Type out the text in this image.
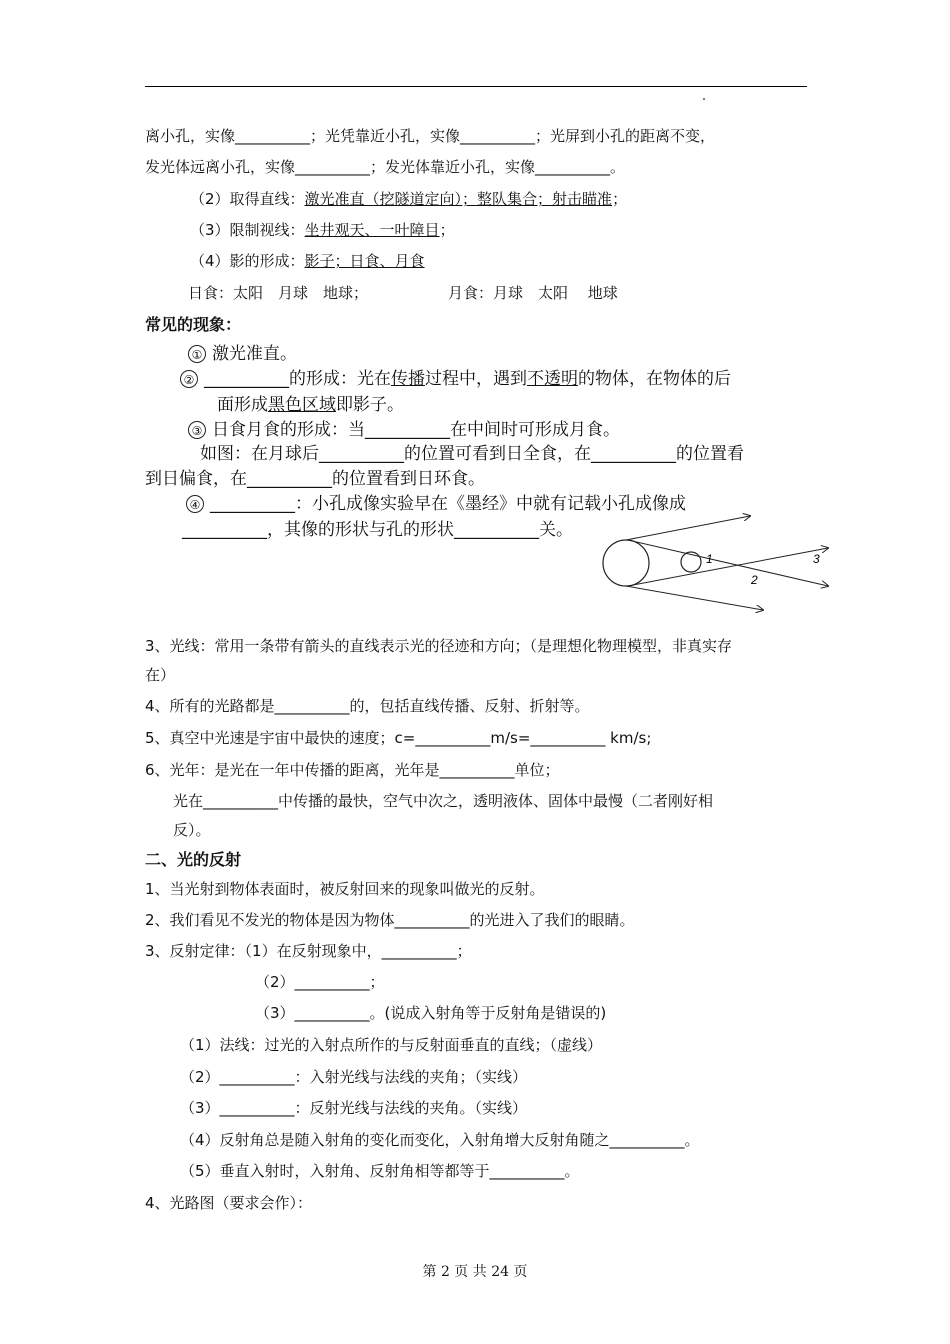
离小孔，实像__________；光凭靠近小孔，实像__________；光屏到小孔的距离不变，
发光体远离小孔，实像__________；发光体靠近小孔，实像__________。
（2）取得直线：激光准直（挖隧道定向）；整队集合；射击瞄准；
（3）限制视线：坐井观天、一叶障目；
（4）影的形成：影子；日食、月食
日食：太阳　月球　地球；	月食：月球　太阳　 地球
常见的现象：
① 激光准直。
② __________的形成：光在传播过程中，遇到不透明的物体，在物体的后
面形成黑色区域即影子。
③ 日食月食的形成：当__________在中间时可形成月食。
如图：在月球后__________的位置可看到日全食，在__________的位置看
到日偏食，在__________的位置看到日环食。
④ __________：小孔成像实验早在《墨经》中就有记载小孔成像成
__________，其像的形状与孔的形状__________关。
1
2
3
3、光线：常用一条带有箭头的直线表示光的径迹和方向；（是理想化物理模型，非真实存
在）
4、所有的光路都是__________的，包括直线传播、反射、折射等。
5、真空中光速是宇宙中最快的速度；c=__________m/s=__________ km/s;
6、光年：是光在一年中传播的距离，光年是__________单位；
光在__________中传播的最快，空气中次之，透明液体、固体中最慢（二者刚好相
反）。
二、光的反射
1、当光射到物体表面时，被反射回来的现象叫做光的反射。
2、我们看见不发光的物体是因为物体__________的光进入了我们的眼睛。
3、反射定律：（1）在反射现象中，__________；
（2）__________；
（3）__________。(说成入射角等于反射角是错误的)
（1）法线：过光的入射点所作的与反射面垂直的直线；（虚线）
（2）__________：入射光线与法线的夹角；（实线）
（3）__________：反射光线与法线的夹角。（实线）
（4）反射角总是随入射角的变化而变化，入射角增大反射角随之__________。
（5）垂直入射时，入射角、反射角相等都等于__________。
4、光路图（要求会作）：
第 2 页 共 24 页
